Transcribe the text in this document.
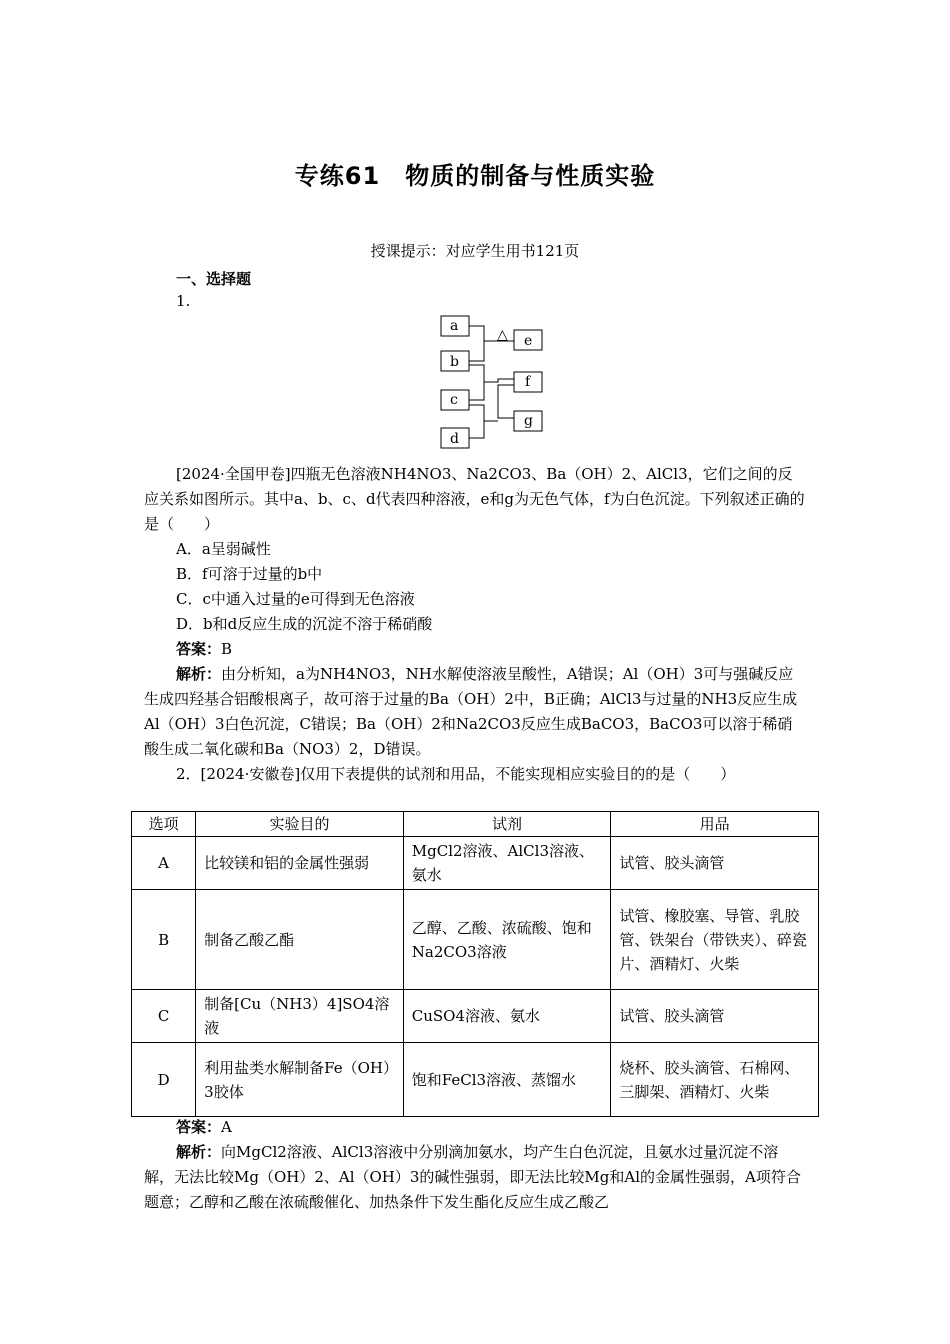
专练61　物质的制备与性质实验
授课提示：对应学生用书121页
一、选择题
1.
△
a
b
c
d
e
f
g
[2024·全国甲卷]四瓶无色溶液NH4NO3、Na2CO3、Ba（OH）2、AlCl3，它们之间的反应关系如图所示。其中a、b、c、d代表四种溶液，e和g为无色气体，f为白色沉淀。下列叙述正确的是（　　）
A．a呈弱碱性
B．f可溶于过量的b中
C．c中通入过量的e可得到无色溶液
D．b和d反应生成的沉淀不溶于稀硝酸
答案：B
解析：由分析知，a为NH4NO3，NH水解使溶液呈酸性，A错误；Al（OH）3可与强碱反应生成四羟基合铝酸根离子，故可溶于过量的Ba（OH）2中，B正确；AlCl3与过量的NH3反应生成Al（OH）3白色沉淀，C错误；Ba（OH）2和Na2CO3反应生成BaCO3，BaCO3可以溶于稀硝酸生成二氧化碳和Ba（NO3）2，D错误。
2．[2024·安徽卷]仅用下表提供的试剂和用品，不能实现相应实验目的的是（　　）
选项	实验目的	试剂	用品
A	比较镁和铝的金属性强弱	MgCl2溶液、AlCl3溶液、氨水	试管、胶头滴管
B	制备乙酸乙酯	乙醇、乙酸、浓硫酸、饱和Na2CO3溶液	试管、橡胶塞、导管、乳胶管、铁架台（带铁夹）、碎瓷片、酒精灯、火柴
C	制备[Cu（NH3）4]SO4溶液	CuSO4溶液、氨水	试管、胶头滴管
D	利用盐类水解制备Fe（OH）3胶体	饱和FeCl3溶液、蒸馏水	烧杯、胶头滴管、石棉网、三脚架、酒精灯、火柴
答案：A
解析：向MgCl2溶液、AlCl3溶液中分别滴加氨水，均产生白色沉淀，且氨水过量沉淀不溶解，无法比较Mg（OH）2、Al（OH）3的碱性强弱，即无法比较Mg和Al的金属性强弱，A项符合题意；乙醇和乙酸在浓硫酸催化、加热条件下发生酯化反应生成乙酸乙
